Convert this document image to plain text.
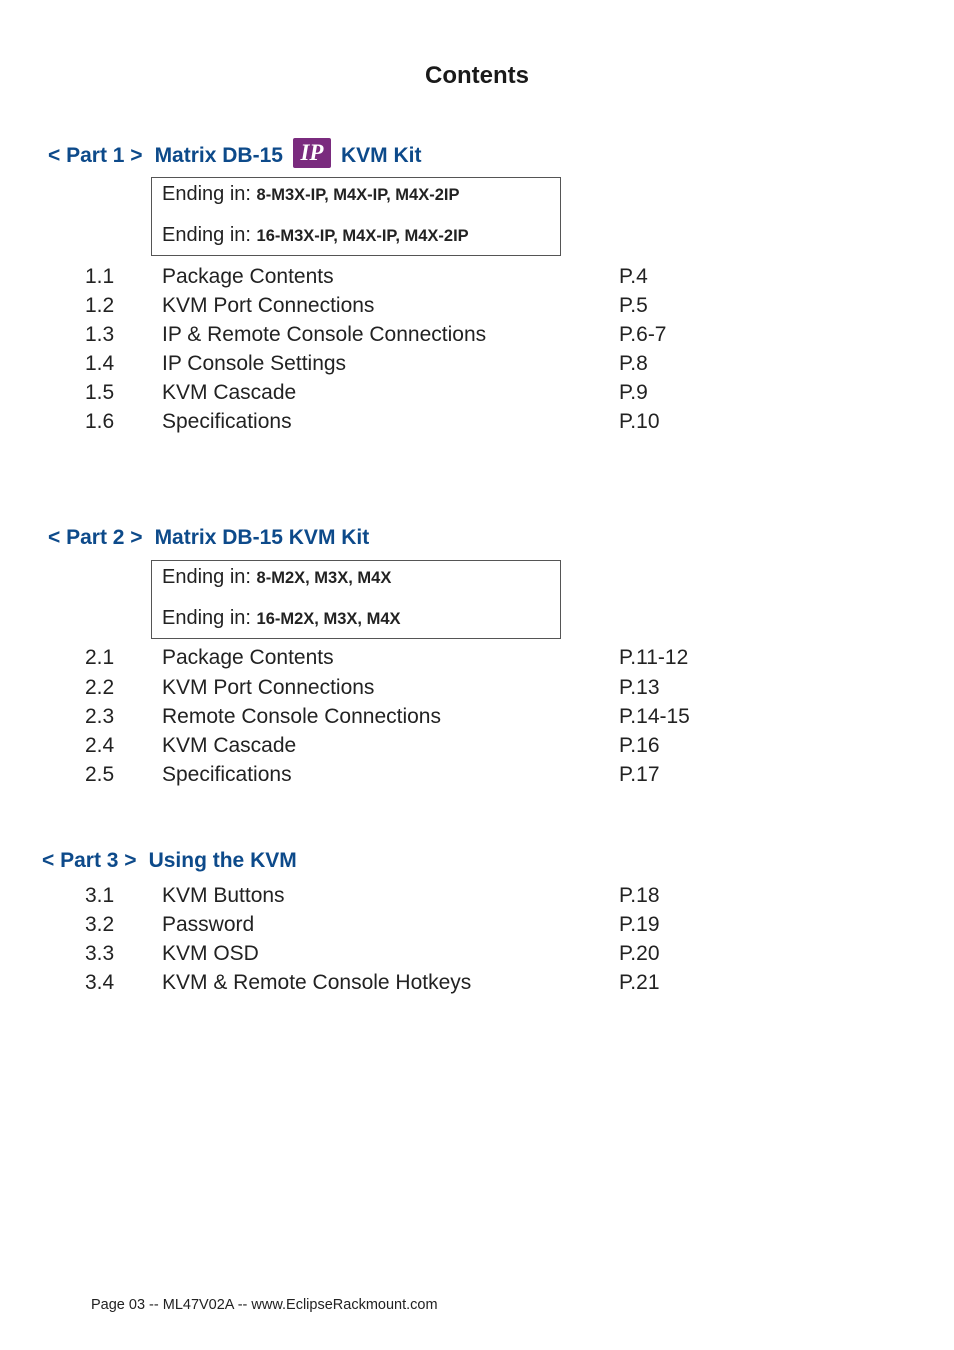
Contents
< Part 1 > Matrix DB-15 IP KVM Kit
Ending in: 8-M3X-IP, M4X-IP, M4X-2IP
Ending in: 16-M3X-IP, M4X-IP, M4X-2IP
1.1 Package Contents	P.4
1.2 KVM Port Connections	P.5
1.3 IP & Remote Console Connections	P.6-7
1.4 IP Console Settings	P.8
1.5 KVM Cascade	P.9
1.6 Specifications	P.10
< Part 2 > Matrix DB-15 KVM Kit
Ending in: 8-M2X, M3X, M4X
Ending in: 16-M2X, M3X, M4X
2.1 Package Contents	P.11-12
2.2 KVM Port Connections	P.13
2.3 Remote Console Connections	P.14-15
2.4 KVM Cascade	P.16
2.5 Specifications	P.17
< Part 3 > Using the KVM
3.1 KVM Buttons	P.18
3.2 Password	P.19
3.3 KVM OSD	P.20
3.4 KVM & Remote Console Hotkeys	P.21
Page 03 -- ML47V02A -- www.EclipseRackmount.com
